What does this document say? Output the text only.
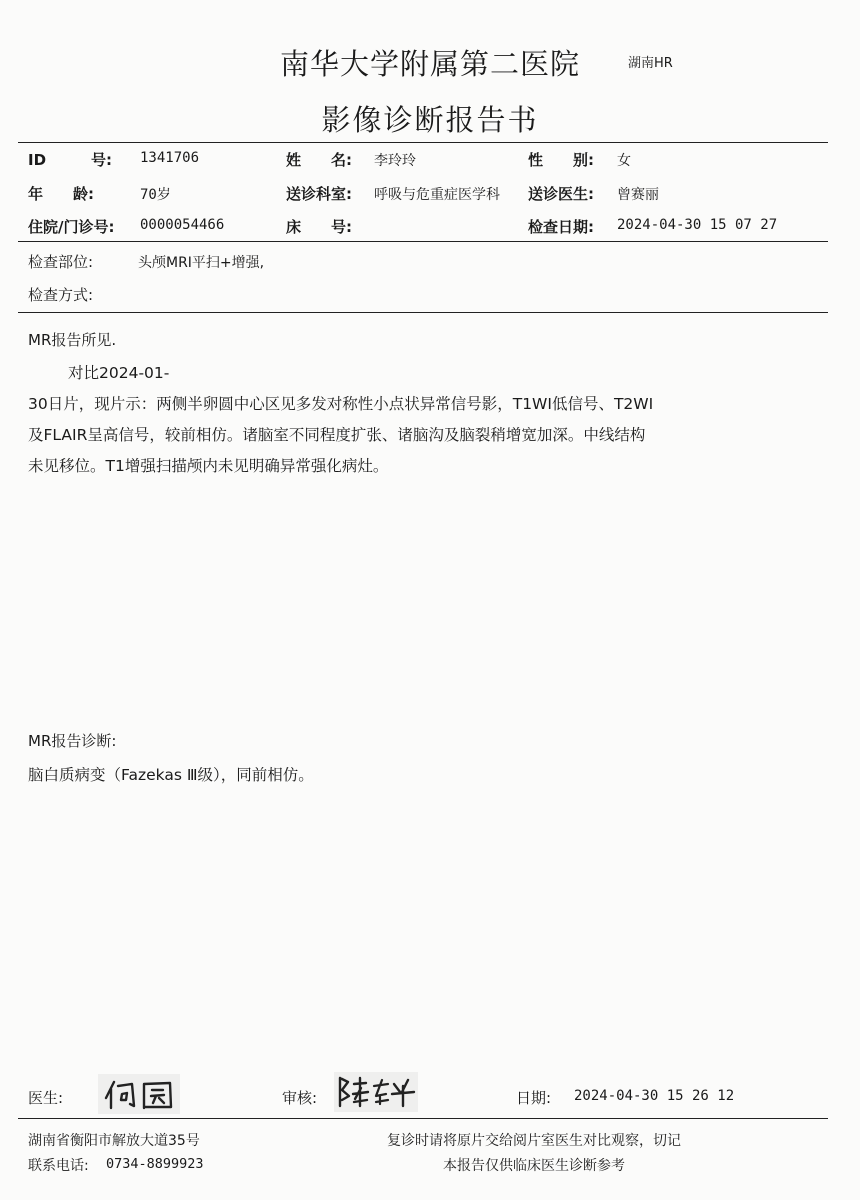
南华大学附属第二医院	湖南HR
影像诊断报告书
ID　　　号: 1341706	姓　　名: 李玲玲	性　　别: 女
年　　龄:	70岁	送诊科室: 呼吸与危重症医学科 送诊医生: 曾赛丽
住院/门诊号: 0000054466	床　　号:	检查日期: 2024-04-30 15 07 27
检查部位:	头颅MRI平扫+增强,
检查方式:
MR报告所见.
对比2024-01-
30日片，现片示：两侧半卵圆中心区见多发对称性小点状异常信号影，T1WI低信号、T2WI
及FLAIR呈高信号，较前相仿。诸脑室不同程度扩张、诸脑沟及脑裂稍增宽加深。中线结构
未见移位。T1增强扫描颅内未见明确异常强化病灶。
MR报告诊断:
脑白质病变（Fazekas Ⅲ级），同前相仿。
医生:	审核:	日期: 2024-04-30 15 26 12
湖南省衡阳市解放大道35号
联系电话: 0734-8899923
复诊时请将原片交给阅片室医生对比观察，切记
本报告仅供临床医生诊断参考
